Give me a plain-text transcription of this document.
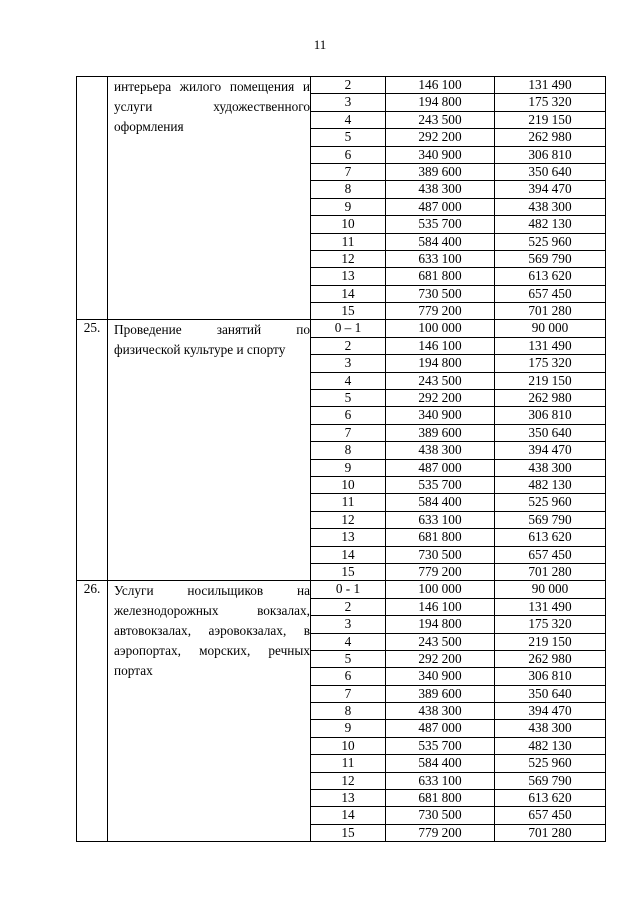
11

	интерьера жилого помещения и услуги художественного оформления	2	146 100	131 490
		3	194 800	175 320
		4	243 500	219 150
		5	292 200	262 980
		6	340 900	306 810
		7	389 600	350 640
		8	438 300	394 470
		9	487 000	438 300
		10	535 700	482 130
		11	584 400	525 960
		12	633 100	569 790
		13	681 800	613 620
		14	730 500	657 450
		15	779 200	701 280
25.	Проведение занятий по физической культуре и спорту	0 – 1	100 000	90 000
		2	146 100	131 490
		3	194 800	175 320
		4	243 500	219 150
		5	292 200	262 980
		6	340 900	306 810
		7	389 600	350 640
		8	438 300	394 470
		9	487 000	438 300
		10	535 700	482 130
		11	584 400	525 960
		12	633 100	569 790
		13	681 800	613 620
		14	730 500	657 450
		15	779 200	701 280
26.	Услуги носильщиков на железнодорожных вокзалах, автовокзалах, аэровокзалах, в аэропортах, морских, речных портах	0 - 1	100 000	90 000
		2	146 100	131 490
		3	194 800	175 320
		4	243 500	219 150
		5	292 200	262 980
		6	340 900	306 810
		7	389 600	350 640
		8	438 300	394 470
		9	487 000	438 300
		10	535 700	482 130
		11	584 400	525 960
		12	633 100	569 790
		13	681 800	613 620
		14	730 500	657 450
		15	779 200	701 280
